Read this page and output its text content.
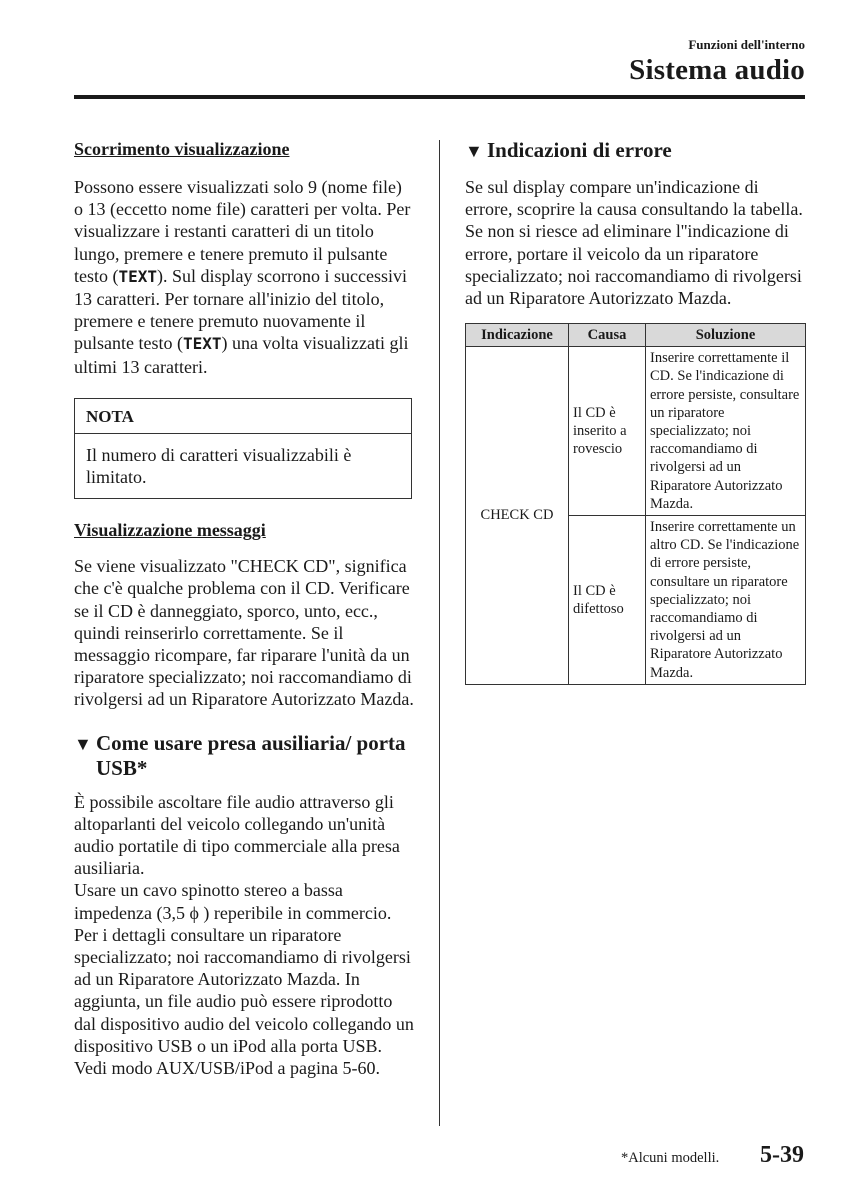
Funzioni dell'interno
Sistema audio
Scorrimento visualizzazione

Possono essere visualizzati solo 9 (nome file) o 13 (eccetto nome file) caratteri per volta. Per visualizzare i restanti caratteri di un titolo lungo, premere e tenere premuto il pulsante testo (TEXT). Sul display scorrono i successivi 13 caratteri. Per tornare all'inizio del titolo, premere e tenere premuto nuovamente il pulsante testo (TEXT) una volta visualizzati gli ultimi 13 caratteri.

NOTA
Il numero di caratteri visualizzabili è limitato.
Visualizzazione messaggi

Se viene visualizzato "CHECK CD", significa che c'è qualche problema con il CD. Verificare se il CD è danneggiato, sporco, unto, ecc., quindi reinserirlo correttamente. Se il messaggio ricompare, far riparare l'unità da un riparatore specializzato; noi raccomandiamo di rivolgersi ad un Riparatore Autorizzato Mazda.

▼ Come usare presa ausiliaria/ porta USB*

È possibile ascoltare file audio attraverso gli altoparlanti del veicolo collegando un'unità audio portatile di tipo commerciale alla presa ausiliaria.

Usare un cavo spinotto stereo a bassa impedenza (3,5 ϕ ) reperibile in commercio.

Per i dettagli consultare un riparatore specializzato; noi raccomandiamo di rivolgersi ad un Riparatore Autorizzato Mazda. In aggiunta, un file audio può essere riprodotto dal dispositivo audio del veicolo collegando un dispositivo USB o un iPod alla porta USB.

Vedi modo AUX/USB/iPod a pagina 5-60.

▼ Indicazioni di errore

Se sul display compare un'indicazione di errore, scoprire la causa consultando la tabella. Se non si riesce ad eliminare l''indicazione di errore, portare il veicolo da un riparatore specializzato; noi raccomandiamo di rivolgersi ad un Riparatore Autorizzato Mazda.

Indicazione	Causa	Soluzione
CHECK CD	Il CD è inserito a rovescio	Inserire correttamente il CD. Se l'indicazione di errore persiste, consultare un riparatore specializzato; noi raccomandiamo di rivolgersi ad un Riparatore Autorizzato Mazda.
	Il CD è difettoso	Inserire correttamente un altro CD. Se l'indicazione di errore persiste, consultare un riparatore specializzato; noi raccomandiamo di rivolgersi ad un Riparatore Autorizzato Mazda.
*Alcuni modelli. 5-39
